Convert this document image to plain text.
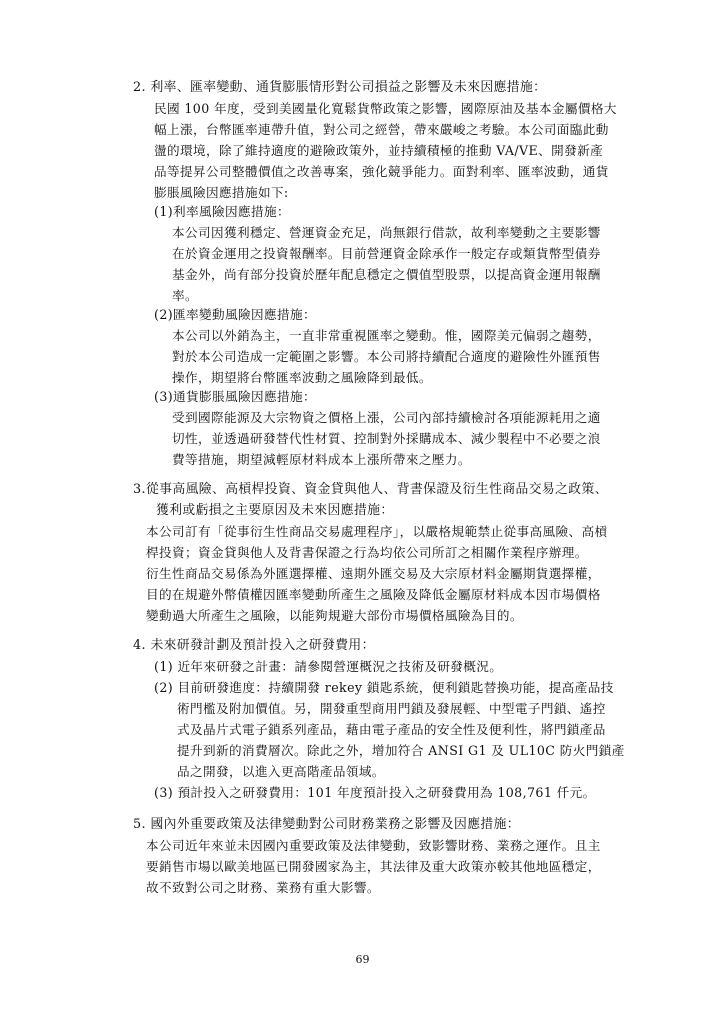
2. 利率、匯率變動、通貨膨脹情形對公司損益之影響及未來因應措施：
民國 100 年度，受到美國量化寬鬆貨幣政策之影響，國際原油及基本金屬價格大
幅上漲，台幣匯率連帶升值，對公司之經營，帶來嚴峻之考驗。本公司面臨此動
盪的環境，除了維持適度的避險政策外，並持續積極的推動 VA/VE、開發新產
品等提昇公司整體價值之改善專案，強化競爭能力。面對利率、匯率波動，通貨
膨脹風險因應措施如下:
(1)利率風險因應措施：
本公司因獲利穩定、營運資金充足，尚無銀行借款，故利率變動之主要影響
在於資金運用之投資報酬率。目前營運資金除承作一般定存或類貨幣型債券
基金外，尚有部分投資於歷年配息穩定之價值型股票，以提高資金運用報酬
率。
(2)匯率變動風險因應措施：
本公司以外銷為主，一直非常重視匯率之變動。惟，國際美元偏弱之趨勢，
對於本公司造成一定範圍之影響。本公司將持續配合適度的避險性外匯預售
操作，期望將台幣匯率波動之風險降到最低。
(3)通貨膨脹風險因應措施：
受到國際能源及大宗物資之價格上漲，公司內部持續檢討各項能源耗用之適
切性，並透過研發替代性材質、控制對外採購成本、減少製程中不必要之浪
費等措施，期望減輕原材料成本上漲所帶來之壓力。
3.從事高風險、高槓桿投資、資金貸與他人、背書保證及衍生性商品交易之政策、
獲利或虧損之主要原因及未來因應措施：
本公司訂有「從事衍生性商品交易處理程序」，以嚴格規範禁止從事高風險、高槓
桿投資；資金貸與他人及背書保證之行為均依公司所訂之相關作業程序辦理。
衍生性商品交易係為外匯選擇權、遠期外匯交易及大宗原材料金屬期貨選擇權，
目的在規避外幣債權因匯率變動所產生之風險及降低金屬原材料成本因市場價格
變動過大所產生之風險，以能夠規避大部份市場價格風險為目的。
4. 未來研發計劃及預計投入之研發費用：
(1) 近年來研發之計畫：請參閱營運概況之技術及研發概況。
(2) 目前研發進度：持續開發 rekey 鎖匙系統，便利鎖匙替換功能，提高產品技
術門檻及附加價值。另，開發重型商用門鎖及發展輕、中型電子門鎖、遙控
式及晶片式電子鎖系列產品，藉由電子產品的安全性及便利性，將門鎖產品
提升到新的消費層次。除此之外，增加符合 ANSI G1 及 UL10C 防火門鎖產
品之開發，以進入更高階產品領域。
(3) 預計投入之研發費用：101 年度預計投入之研發費用為 108,761 仟元。
5. 國內外重要政策及法律變動對公司財務業務之影響及因應措施：
本公司近年來並未因國內重要政策及法律變動，致影響財務、業務之運作。且主
要銷售市場以歐美地區已開發國家為主，其法律及重大政策亦較其他地區穩定，
故不致對公司之財務、業務有重大影響。
69
